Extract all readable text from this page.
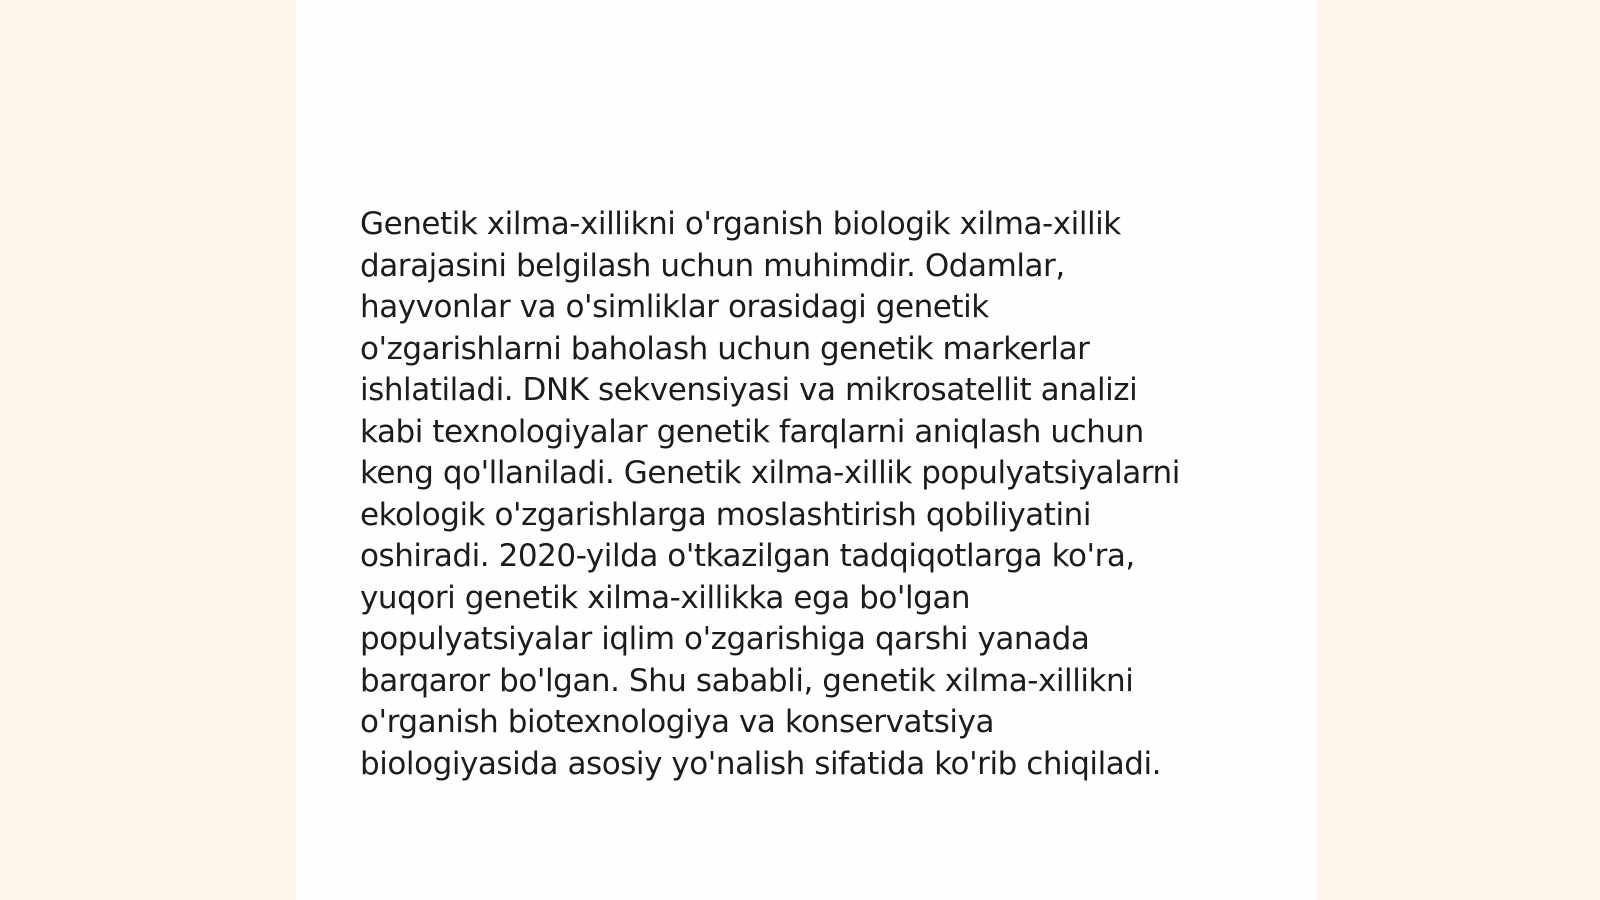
Genetik xilma-xillikni o'rganish biologik xilma-xillik
darajasini belgilash uchun muhimdir. Odamlar,
hayvonlar va o'simliklar orasidagi genetik
o'zgarishlarni baholash uchun genetik markerlar
ishlatiladi. DNK sekvensiyasi va mikrosatellit analizi
kabi texnologiyalar genetik farqlarni aniqlash uchun
keng qo'llaniladi. Genetik xilma-xillik populyatsiyalarni
ekologik o'zgarishlarga moslashtirish qobiliyatini
oshiradi. 2020-yilda o'tkazilgan tadqiqotlarga ko'ra,
yuqori genetik xilma-xillikka ega bo'lgan
populyatsiyalar iqlim o'zgarishiga qarshi yanada
barqaror bo'lgan. Shu sababli, genetik xilma-xillikni
o'rganish biotexnologiya va konservatsiya
biologiyasida asosiy yo'nalish sifatida ko'rib chiqiladi.
